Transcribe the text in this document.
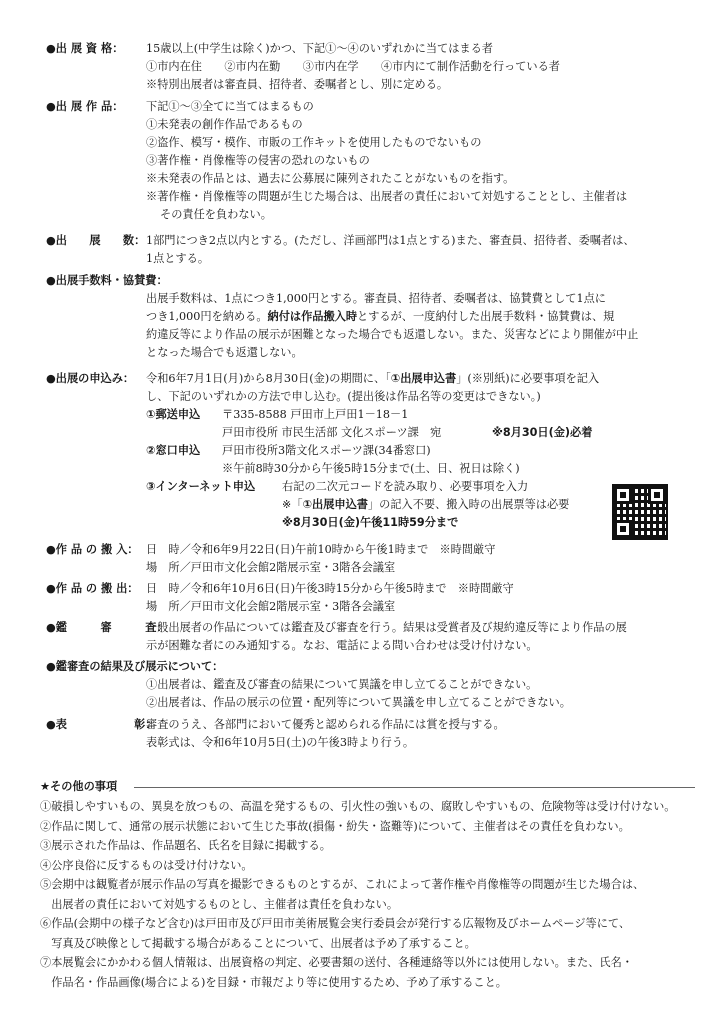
●出 展 資 格： 15歳以上(中学生は除く)かつ、下記①～④のいずれかに当てはまる者
①市内在住　　②市内在勤　　③市内在学　　④市内にて制作活動を行っている者
※特別出展者は審査員、招待者、委嘱者とし、別に定める。
●出 展 作 品： 下記①～③全てに当てはまるもの
①未発表の創作作品であるもの
②盗作、模写・模作、市販の工作キットを使用したものでないもの
③著作権・肖像権等の侵害の恐れのないもの
※未発表の作品とは、過去に公募展に陳列されたことがないものを指す。
※著作権・肖像権等の問題が生じた場合は、出展者の責任において対処することとし、主催者は
その責任を負わない。
●出　　展　　数： 1部門につき2点以内とする。(ただし、洋画部門は1点とする)また、審査員、招待者、委嘱者は、
1点とする。
●出展手数料・協賛費：
出展手数料は、1点につき1,000円とする。審査員、招待者、委嘱者は、協賛費として1点に
つき1,000円を納める。納付は作品搬入時とするが、一度納付した出展手数料・協賛費は、規
約違反等により作品の展示が困難となった場合でも返還しない。また、災害などにより開催が中止
となった場合でも返還しない。
●出展の申込み： 令和6年7月1日(月)から8月30日(金)の期間に、「①出展申込書」(※別紙)に必要事項を記入
し、下記のいずれかの方法で申し込む。(提出後は作品名等の変更はできない。)
①郵送申込 〒335-8588 戸田市上戸田1－18－1
戸田市役所 市民生活部 文化スポーツ課　宛	※8月30日(金)必着
②窓口申込 戸田市役所3階文化スポーツ課(34番窓口)
※午前8時30分から午後5時15分まで(土、日、祝日は除く)
③インターネット申込 右記の二次元コードを読み取り、必要事項を入力
※「①出展申込書」の記入不要、搬入時の出展票等は必要
※8月30日(金)午後11時59分まで
●作 品 の 搬 入： 日　時／令和6年9月22日(日)午前10時から午後1時まで　※時間厳守
場　所／戸田市文化会館2階展示室・3階各会議室
●作 品 の 搬 出： 日　時／令和6年10月6日(日)午後3時15分から午後5時まで　※時間厳守
場　所／戸田市文化会館2階展示室・3階各会議室
●鑑　　　審　　　査：
一般出展者の作品については鑑査及び審査を行う。結果は受賞者及び規約違反等により作品の展
示が困難な者にのみ通知する。なお、電話による問い合わせは受け付けない。
●鑑審査の結果及び展示について：
①出展者は、鑑査及び審査の結果について異議を申し立てることができない。
②出展者は、作品の展示の位置・配列等について異議を申し立てることができない。
●表　　　　　　彰：
審査のうえ、各部門において優秀と認められる作品には賞を授与する。
表彰式は、令和6年10月5日(土)の午後3時より行う。
★その他の事項
①破損しやすいもの、異臭を放つもの、高温を発するもの、引火性の強いもの、腐敗しやすいもの、危険物等は受け付けない。
②作品に関して、通常の展示状態において生じた事故(損傷・紛失・盗難等)について、主催者はその責任を負わない。
③展示された作品は、作品題名、氏名を目録に掲載する。
④公序良俗に反するものは受け付けない。
⑤会期中は観覧者が展示作品の写真を撮影できるものとするが、これによって著作権や肖像権等の問題が生じた場合は、
　出展者の責任において対処するものとし、主催者は責任を負わない。
⑥作品(会期中の様子など含む)は戸田市及び戸田市美術展覧会実行委員会が発行する広報物及びホームページ等にて、
　写真及び映像として掲載する場合があることについて、出展者は予め了承すること。
⑦本展覧会にかかわる個人情報は、出展資格の判定、必要書類の送付、各種連絡等以外には使用しない。また、氏名・
　作品名・作品画像(場合による)を目録・市報だより等に使用するため、予め了承すること。
